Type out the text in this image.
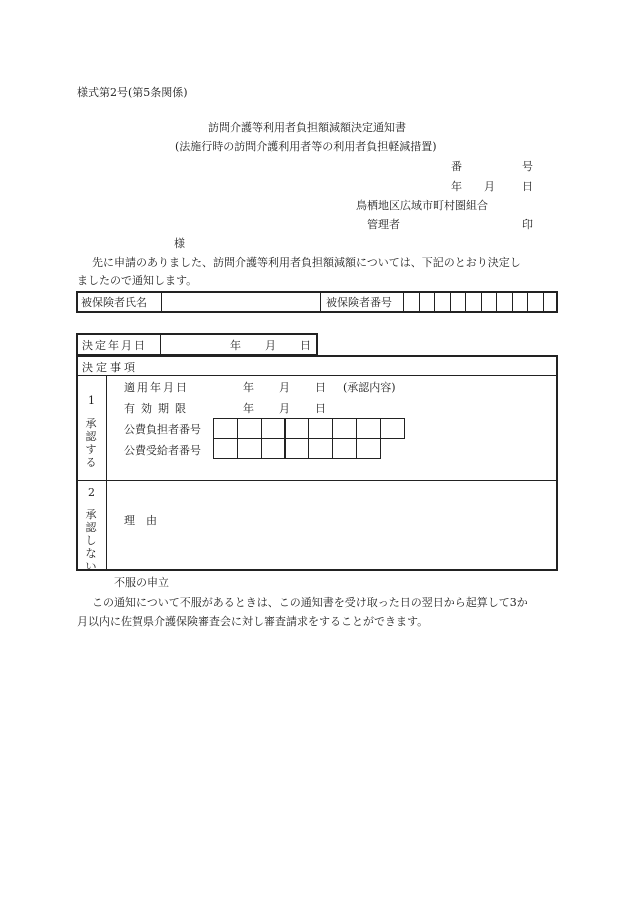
様式第2号(第5条関係)
訪問介護等利用者負担額減額決定通知書
(法施行時の訪問介護利用者等の利用者負担軽減措置)
番	号
年 月 日
鳥栖地区広域市町村圏組合
管理者	印
様
先に申請のありました、訪問介護等利用者負担額減額については、下記のとおり決定し
ましたので通知します。
被保険者氏名	被保険者番号
決定年月日	年 月 日
決定事項
1
承認する
適用年月日	年 月 日 (承認内容)
有効期限	年 月 日
公費負担者番号
公費受給者番号
2
承認しない
理　由
不服の申立
この通知について不服があるときは、この通知書を受け取った日の翌日から起算して3か
月以内に佐賀県介護保険審査会に対し審査請求をすることができます。
